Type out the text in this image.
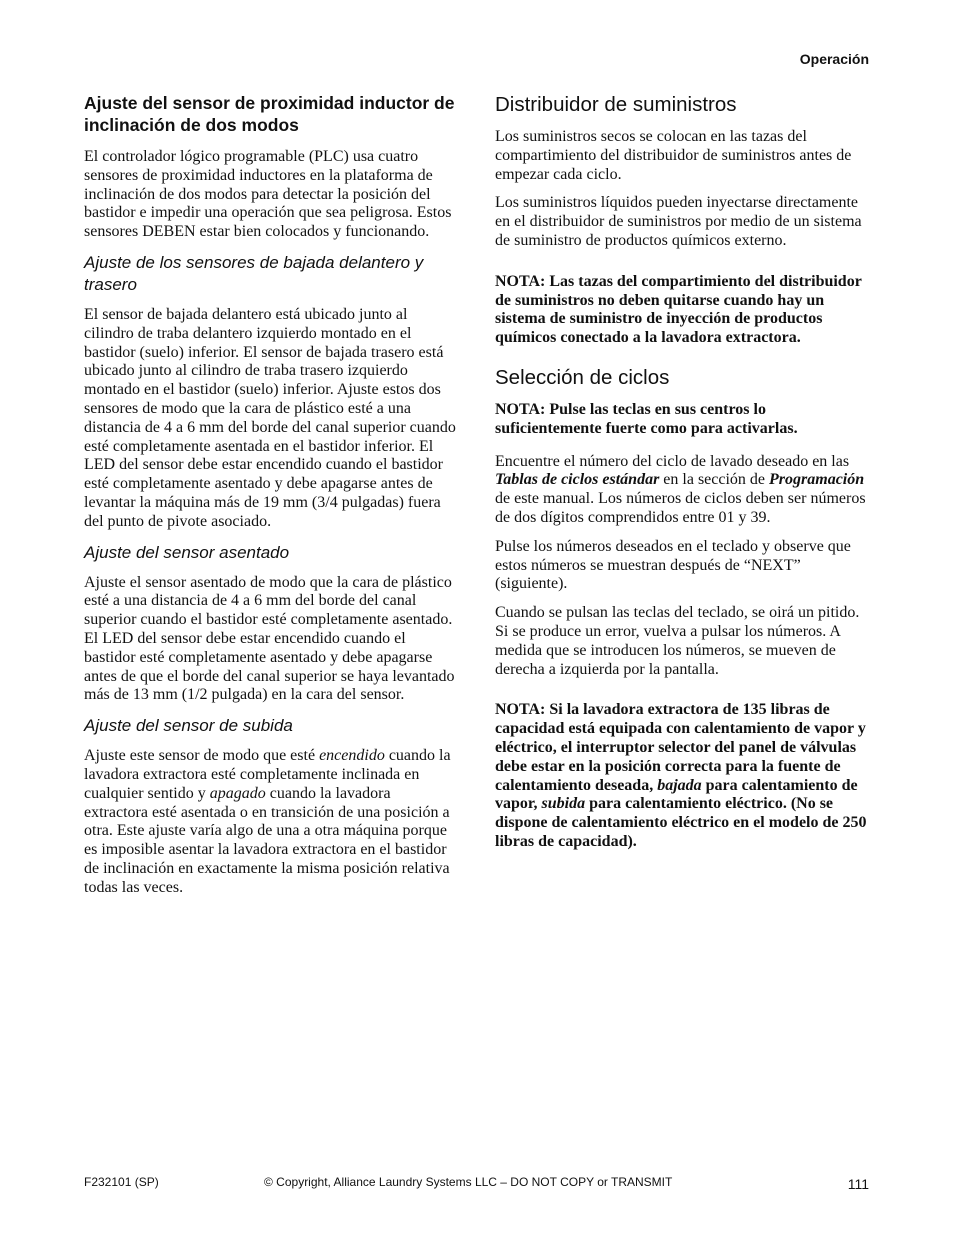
Operación
Ajuste del sensor de proximidad inductor de inclinación de dos modos

El controlador lógico programable (PLC) usa cuatro sensores de proximidad inductores en la plataforma de inclinación de dos modos para detectar la posición del bastidor e impedir una operación que sea peligrosa. Estos sensores DEBEN estar bien colocados y funcionando.

Ajuste de los sensores de bajada delantero y trasero

El sensor de bajada delantero está ubicado junto al cilindro de traba delantero izquierdo montado en el bastidor (suelo) inferior. El sensor de bajada trasero está ubicado junto al cilindro de traba trasero izquierdo montado en el bastidor (suelo) inferior. Ajuste estos dos sensores de modo que la cara de plástico esté a una distancia de 4 a 6 mm del borde del canal superior cuando esté completamente asentada en el bastidor inferior. El LED del sensor debe estar encendido cuando el bastidor esté completamente asentado y debe apagarse antes de levantar la máquina más de 19 mm (3/4 pulgadas) fuera del punto de pivote asociado.

Ajuste del sensor asentado

Ajuste el sensor asentado de modo que la cara de plástico esté a una distancia de 4 a 6 mm del borde del canal superior cuando el bastidor esté completamente asentado. El LED del sensor debe estar encendido cuando el bastidor esté completamente asentado y debe apagarse antes de que el borde del canal superior se haya levantado más de 13 mm (1/2 pulgada) en la cara del sensor.

Ajuste del sensor de subida

Ajuste este sensor de modo que esté encendido cuando la lavadora extractora esté completamente inclinada en cualquier sentido y apagado cuando la lavadora extractora esté asentada o en transición de una posición a otra. Este ajuste varía algo de una a otra máquina porque es imposible asentar la lavadora extractora en el bastidor de inclinación en exactamente la misma posición relativa todas las veces.

Distribuidor de suministros

Los suministros secos se colocan en las tazas del compartimiento del distribuidor de suministros antes de empezar cada ciclo.

Los suministros líquidos pueden inyectarse directamente en el distribuidor de suministros por medio de un sistema de suministro de productos químicos externo.

NOTA: Las tazas del compartimiento del distribuidor de suministros no deben quitarse cuando hay un sistema de suministro de inyección de productos químicos conectado a la lavadora extractora.

Selección de ciclos

NOTA: Pulse las teclas en sus centros lo suficientemente fuerte como para activarlas.

Encuentre el número del ciclo de lavado deseado en las Tablas de ciclos estándar en la sección de Programación de este manual. Los números de ciclos deben ser números de dos dígitos comprendidos entre 01 y 39.

Pulse los números deseados en el teclado y observe que estos números se muestran después de “NEXT” (siguiente).

Cuando se pulsan las teclas del teclado, se oirá un pitido. Si se produce un error, vuelva a pulsar los números. A medida que se introducen los números, se mueven de derecha a izquierda por la pantalla.

NOTA: Si la lavadora extractora de 135 libras de capacidad está equipada con calentamiento de vapor y eléctrico, el interruptor selector del panel de válvulas debe estar en la posición correcta para la fuente de calentamiento deseada, bajada para calentamiento de vapor, subida para calentamiento eléctrico. (No se dispone de calentamiento eléctrico en el modelo de 250 libras de capacidad).

F232101 (SP)	© Copyright, Alliance Laundry Systems LLC – DO NOT COPY or TRANSMIT	111
